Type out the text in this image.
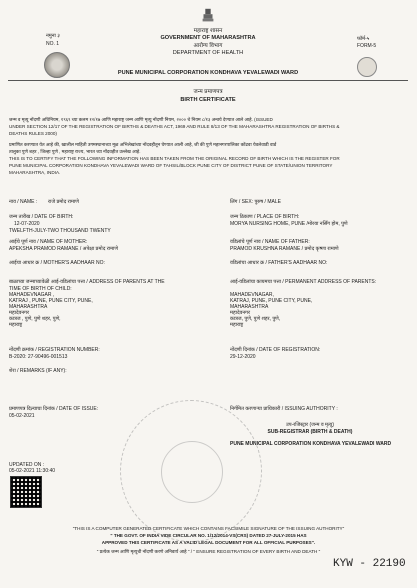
नमुना ३
NO. 1
महाराष्ट्र शासन
GOVERNMENT OF MAHARASHTRA
आरोग्य विभाग
DEPARTMENT OF HEALTH
फॉर्म-५
FORM-5
PUNE MUNICIPAL CORPORATION KONDHAVA YEVALEWADI WARD
जन्म प्रमाणपत्र
BIRTH CERTIFICATE
जन्म व मृत्यु नोंदणी अधिनियम, १९६९ च्या कलम १२/१७ आणि महाराष्ट्र जन्म आणि मृत्यु नोंदणी नियम, २००० चे नियम ८/१३ अन्वये देण्यात आले आहे. (ISSUED
UNDER SECTION 12/17 OF THE REGISTRATION OF BIRTHS & DEATHS ACT, 1969 AND RULE 8/13 OF THE MAHARASHTRA REGISTRATION OF BIRTHS &
DEATHS RULES 2000)
प्रमाणित करण्यात येत आहे की, खालील माहिती उगमस्थानाच्या मूळ अभिलेखांच्या नोंदवहीतून घेण्यात आली आहे, जी की पुणे महानगरपालिका कोंढवा येवलेवाडी वार्ड
तालुका पुणे शहर , जिल्हा पुणे , महाराष्ट्र राज्य, भारत च्या नोंदवहीत उल्लेख आहे.
THIS IS TO CERTIFY THAT THE FOLLOWING INFORMATION HAS BEEN TAKEN FROM THE ORIGINAL RECORD OF BIRTH WHICH IS THE REGISTER FOR
PUNE MUNICIPAL CORPORATION KONDHAVA YEVALEWADI WARD OF TAHSIL/BLOCK PUNE CITY OF DISTRICT PUNE OF STATE/UNION TERRITORY
MAHARASHTRA, INDIA.
नाव / NAME : राजे प्रमोद रामाणे	लिंग / SEX: पुरुष / MALE
जन्म तारीख / DATE OF BIRTH:
12-07-2020
TWELFTH-JULY-TWO THOUSAND TWENTY
जन्म ठिकाण / PLACE OF BIRTH:
MORYA NURSING HOME, PUNE /मोरया नर्सिंग होम, पुणे
आईचे पूर्ण नाव / NAME OF MOTHER:
APEKSHA PRAMOD RAMANE / अपेक्षा प्रमोद रामाणे
वडिलांचे पूर्ण नाव / NAME OF FATHER:
PRAMOD KRUSHNA RAMANE / प्रमोद कृष्णा रामाणे
आईचा आधार क्र / MOTHER'S AADHAAR NO:	वडिलांचा आधार क्र / FATHER'S AADHAAR NO:
बाळाच्या जन्माच्यावेळी आई-वडिलांचा पत्ता / ADDRESS OF PARENTS AT THE
TIME OF BIRTH OF CHILD:
MAHADEVNAGAR ,
KATRAJ , PUNE, PUNE CITY, PUNE,
MAHARASHTRA
महादेवनगर
कात्रज , पुणे, पुणे शहर, पुणे,
महाराष्ट्र
आई-वडिलांचा कायमचा पत्ता / PERMANENT ADDRESS OF PARENTS:
MAHADEVNAGAR,
KATRAJ, PUNE, PUNE CITY, PUNE,
MAHARASHTRA
महादेवनगर
कात्रज, पुणे, पुणे शहर, पुणे,
महाराष्ट्र
नोंदणी क्रमांक / REGISTRATION NUMBER:
B-2020: 27-90496-001513
नोंदणी दिनांक / DATE OF REGISTRATION:
29-12-2020
शेरा / REMARKS (IF ANY):
प्रमाणपत्र दिल्याचा दिनांक / DATE OF ISSUE:
05-02-2021
निर्गमित करणाऱ्या प्राधिकारी / ISSUING AUTHORITY :
उप-रजिस्ट्रार (जन्म व मृत्यु)
SUB-REGISTRAR (BIRTH & DEATH)
PUNE MUNICIPAL CORPORATION KONDHAVA YEVALEWADI WARD
UPDATED ON :
05-02-2021 11:30:40
"THIS IS A COMPUTER GENERATED CERTIFICATE WHICH CONTAINS FACSIMILE SIGNATURE OF THE ISSUING AUTHORITY"
" THE GOVT. OF INDIA VIDE CIRCULAR NO. 1/12/2014-VS(CRS) DATED 27-JULY-2015 HAS
APPROVED THIS CERTIFICATE AS A VALID LEGAL DOCUMENT FOR ALL OFFICIAL PURPOSES".
" प्रत्येक जन्म आणि मृत्यूची नोंदणी करणे अनिवार्य आहे " / " ENSURE REGISTRATION OF EVERY BIRTH AND DEATH "
KYW - 22190
